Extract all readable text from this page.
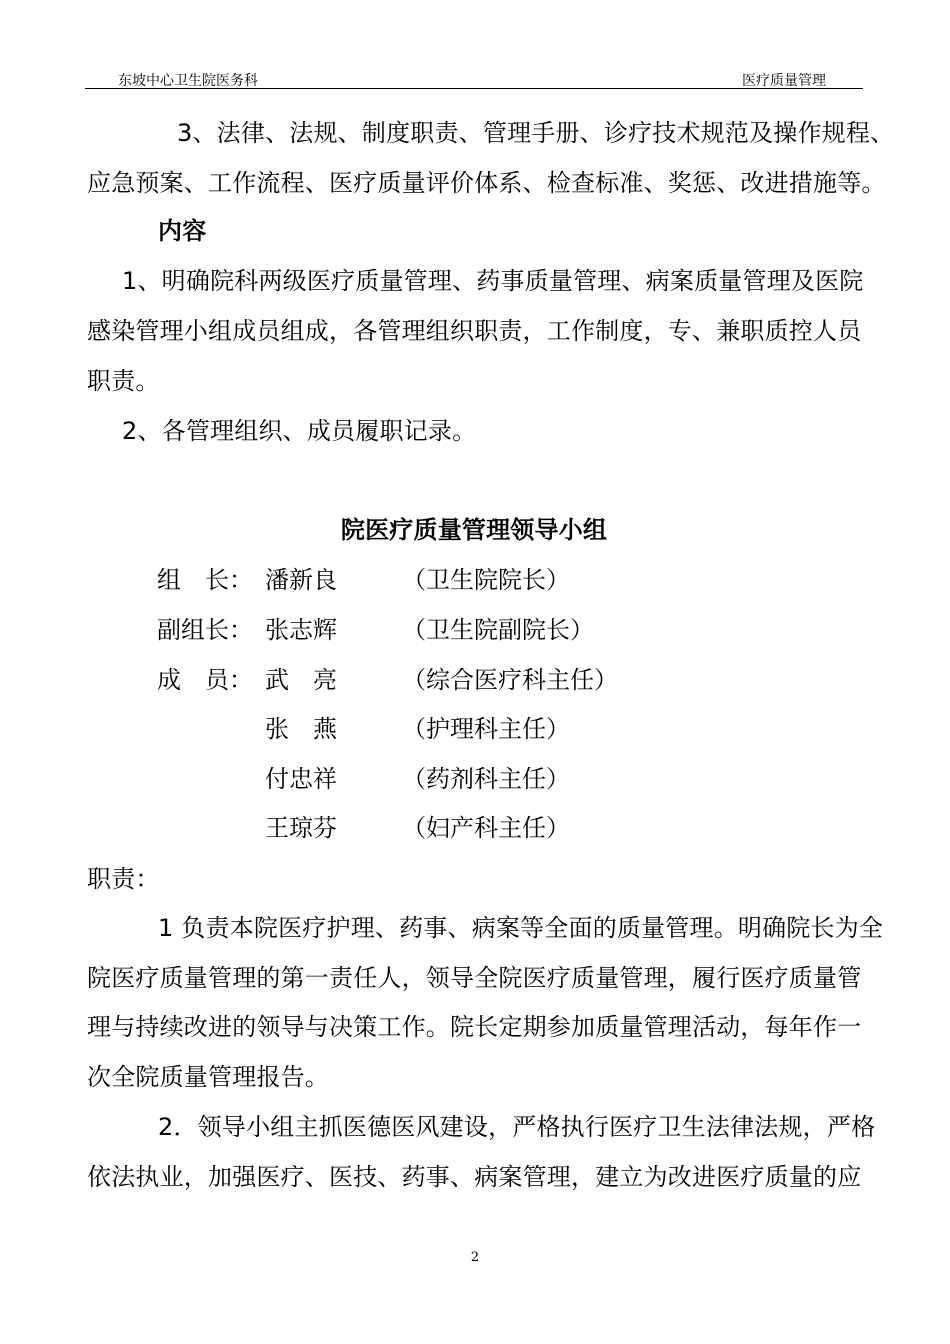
东坡中心卫生院医务科	医疗质量管理
3、法律、法规、制度职责、管理手册、诊疗技术规范及操作规程、
应急预案、工作流程、医疗质量评价体系、检查标准、奖惩、改进措施等。
内容
1、明确院科两级医疗质量管理、药事质量管理、病案质量管理及医院
感染管理小组成员组成，各管理组织职责，工作制度，专、兼职质控人员
职责。
2、各管理组织、成员履职记录。
院医疗质量管理领导小组
组　长： 潘新良	（卫生院院长）
副组长： 张志辉	（卫生院副院长）
成　员： 武　亮	（综合医疗科主任）
张　燕	（护理科主任）
付忠祥	（药剂科主任）
王琼芬	（妇产科主任）
职责：
1 负责本院医疗护理、药事、病案等全面的质量管理。明确院长为全
院医疗质量管理的第一责任人，领导全院医疗质量管理，履行医疗质量管
理与持续改进的领导与决策工作。院长定期参加质量管理活动，每年作一
次全院质量管理报告。
2．领导小组主抓医德医风建设，严格执行医疗卫生法律法规，严格
依法执业，加强医疗、医技、药事、病案管理，建立为改进医疗质量的应
2
